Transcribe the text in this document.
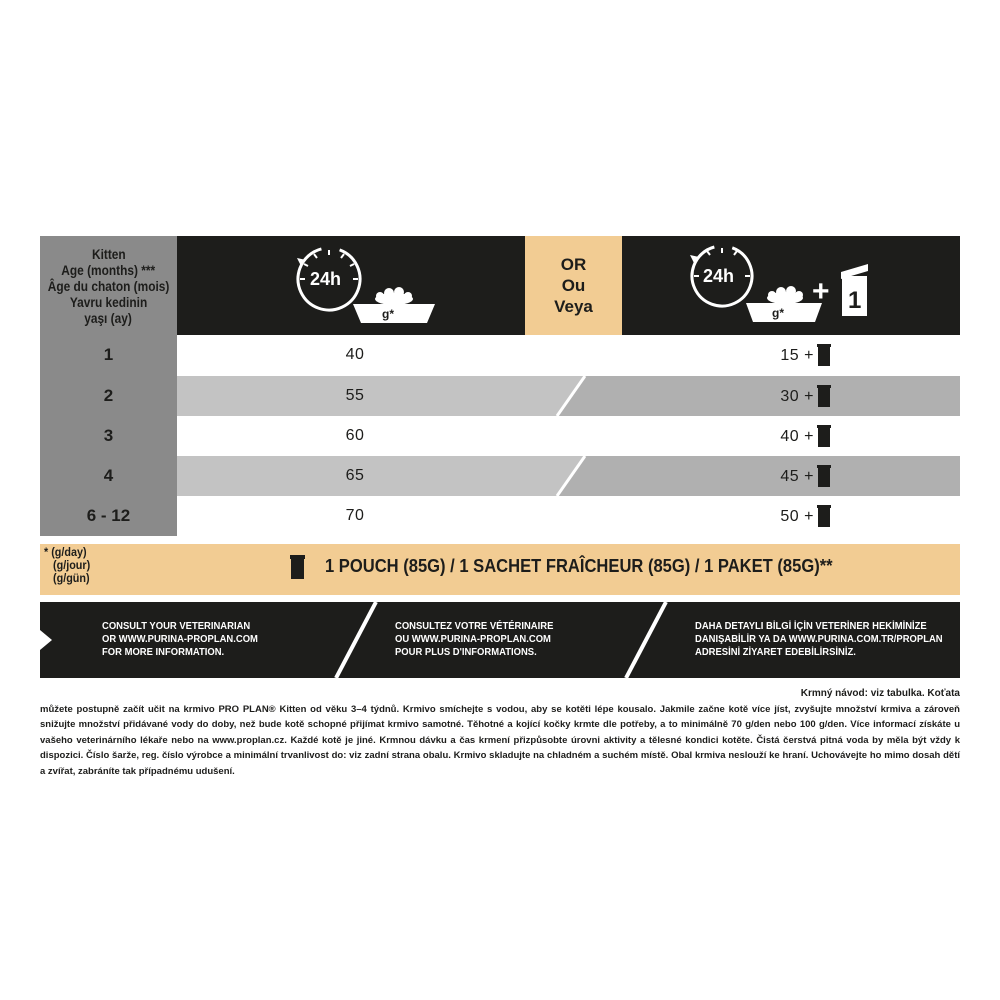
Kitten
Age (months) ***
Âge du chaton (mois)
Yavru kedinin
yaşı (ay)
24h
g*
OR
Ou
Veya
24h
g*
+ 1
1	40	15 +
2	55	30 +
3	60	40 +
4	65	45 +
6 - 12	70	50 +
* (g/day)
(g/jour)
(g/gün)
1 POUCH (85G) / 1 SACHET FRAÎCHEUR (85G) / 1 PAKET (85G)**
CONSULT YOUR VETERINARIAN
OR WWW.PURINA-PROPLAN.COM
FOR MORE INFORMATION.
CONSULTEZ VOTRE VÉTÉRINAIRE
OU WWW.PURINA-PROPLAN.COM
POUR PLUS D'INFORMATIONS.
DAHA DETAYLI BİLGİ İÇİN VETERİNER HEKİMİNİZE
DANIŞABİLİR YA DA WWW.PURINA.COM.TR/PROPLAN
ADRESİNİ ZİYARET EDEBİLİRSİNİZ.
Krmný návod: viz tabulka. Koťata
můžete postupně začít učit na krmivo PRO PLAN® Kitten od věku 3–4 týdnů. Krmivo smíchejte s vodou, aby se kotěti lépe kousalo. Jakmile začne kotě více jíst, zvyšujte množství krmiva a zároveň snižujte množství přidávané vody do doby, než bude kotě schopné přijímat krmivo samotné. Těhotné a kojící kočky krmte dle potřeby, a to minimálně 70 g/den nebo 100 g/den. Více informací získáte u vašeho veterinárního lékaře nebo na www.proplan.cz. Každé kotě je jiné. Krmnou dávku a čas krmení přizpůsobte úrovni aktivity a tělesné kondici kotěte. Čistá čerstvá pitná voda by měla být vždy k dispozici. Číslo šarže, reg. číslo výrobce a minimální trvanlivost do: viz zadní strana obalu. Krmivo skladujte na chladném a suchém místě. Obal krmiva neslouží ke hraní. Uchovávejte ho mimo dosah dětí a zvířat, zabráníte tak případnému udušení.
